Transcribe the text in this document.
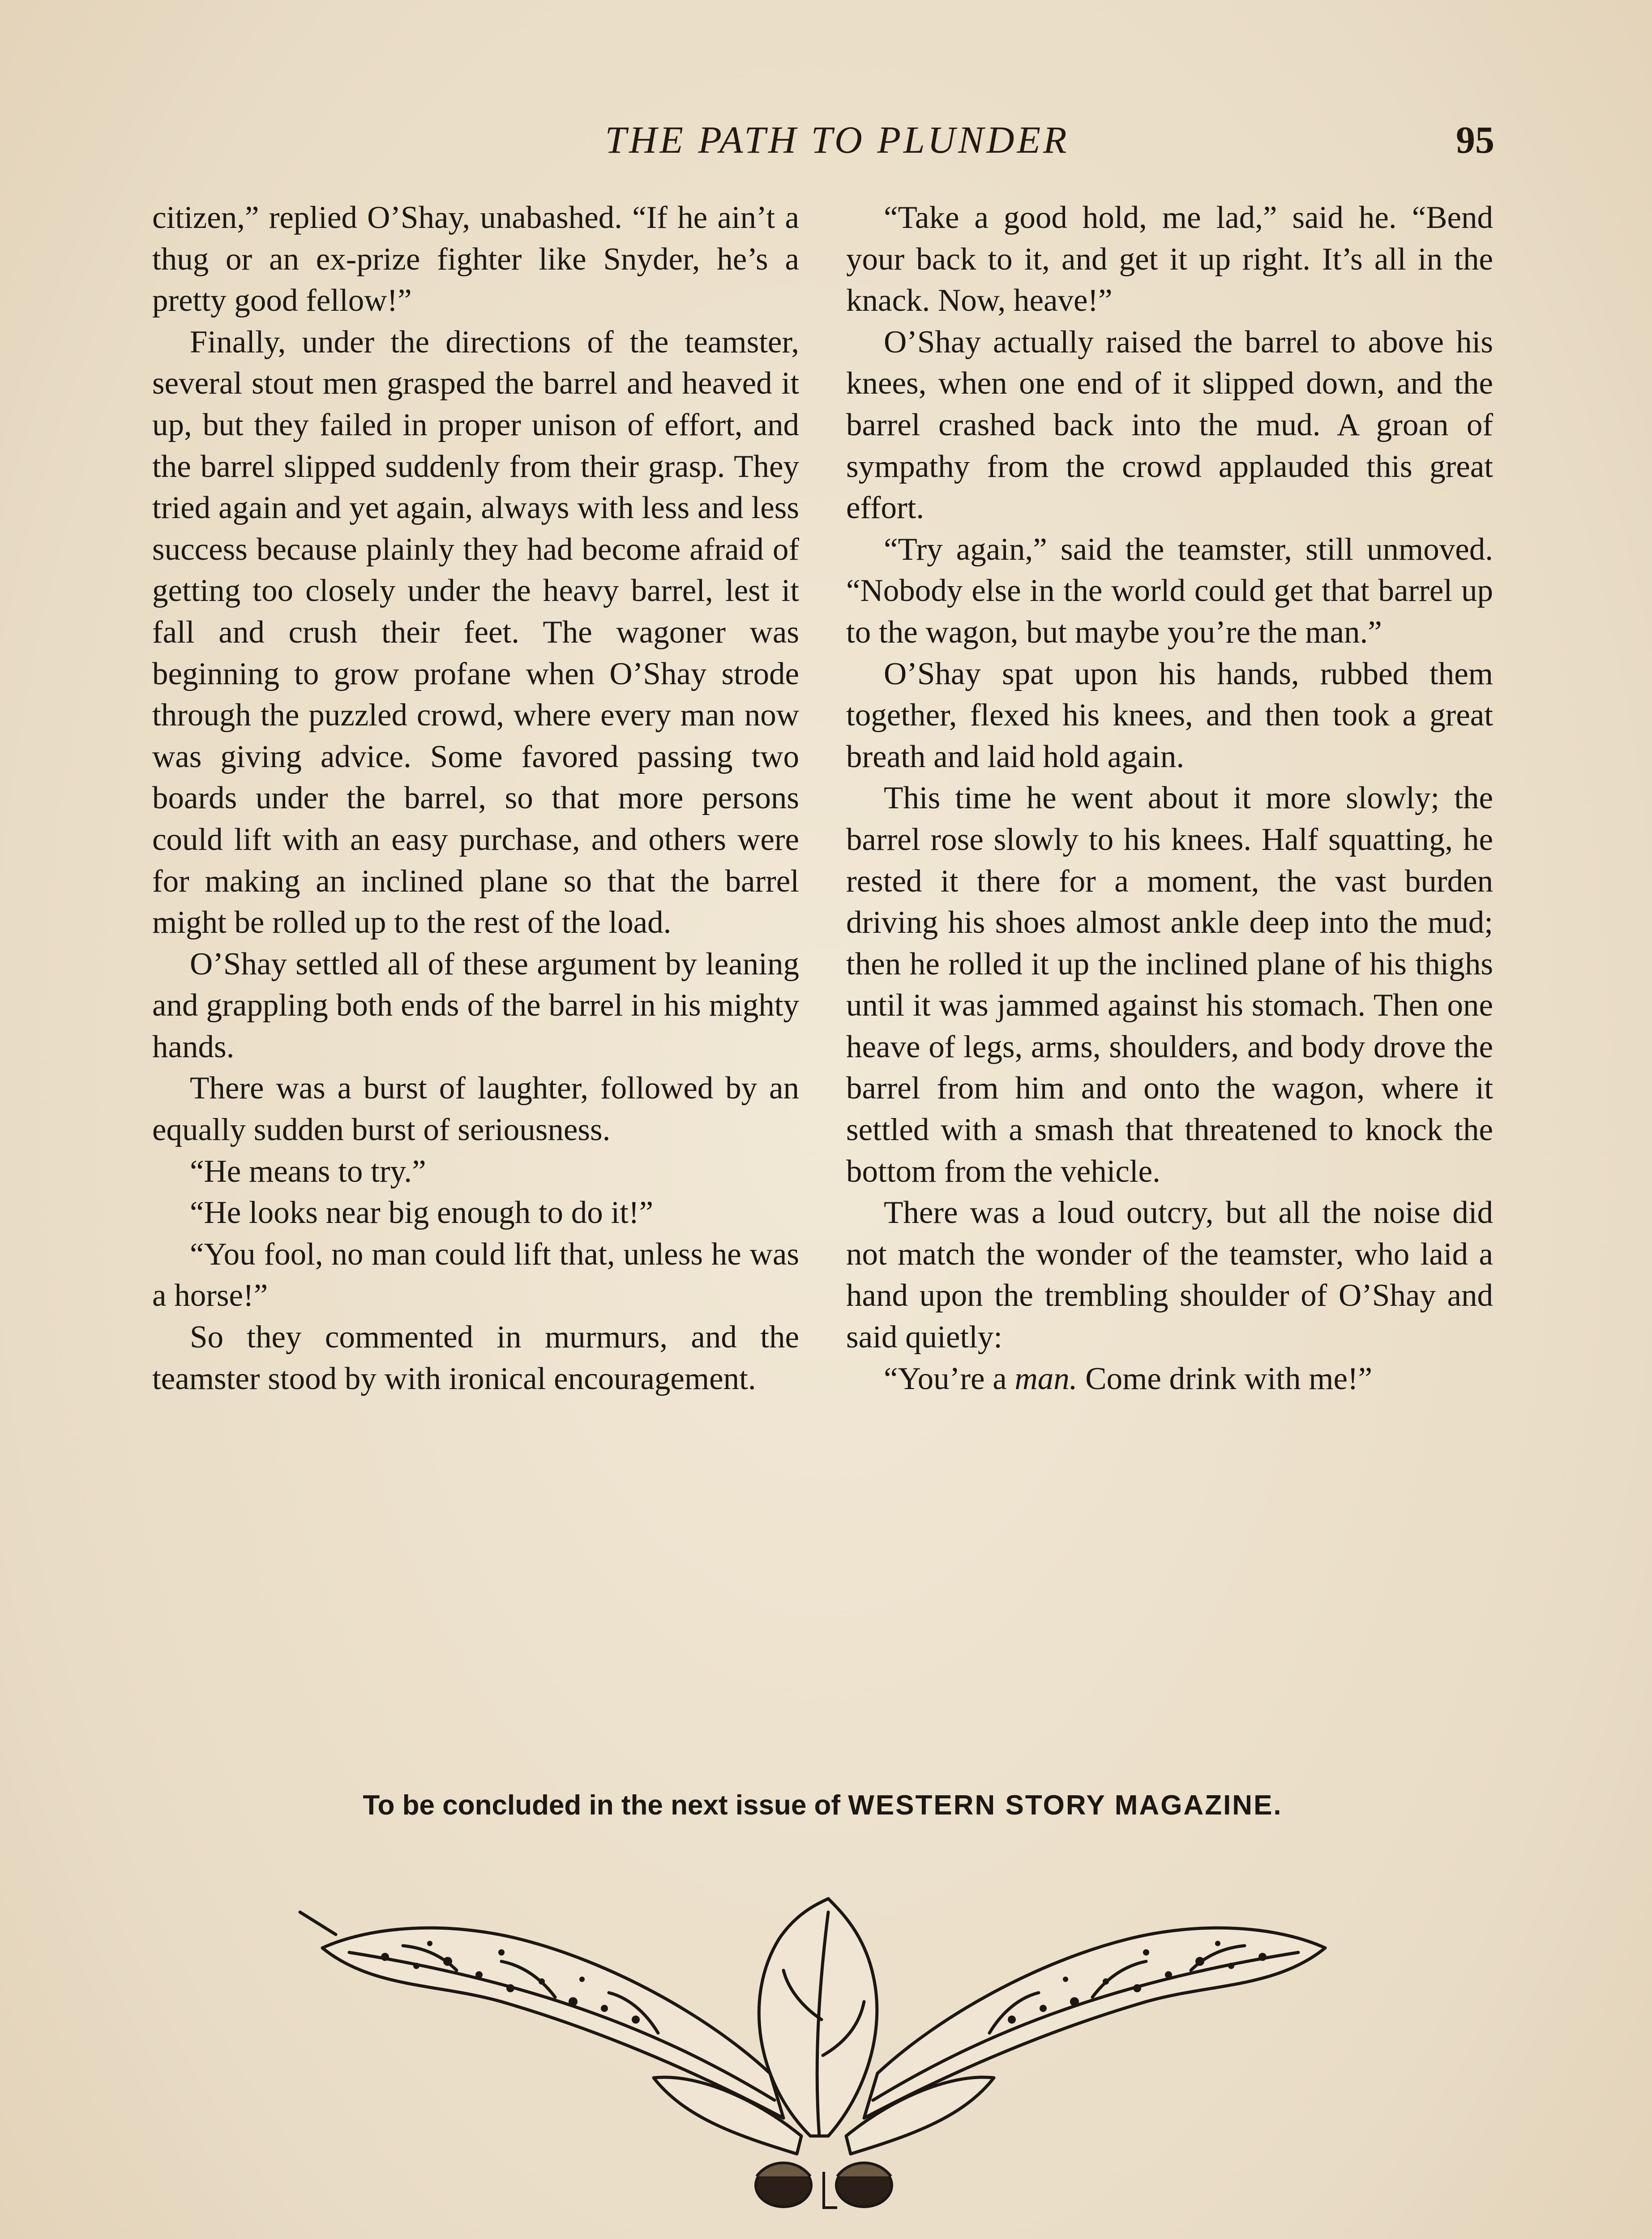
THE PATH TO PLUNDER	95

citizen,” replied O’Shay, unabashed. “If he ain’t a thug or an ex-prize fighter like Snyder, he’s a pretty good fellow!”

Finally, under the directions of the teamster, several stout men grasped the barrel and heaved it up, but they failed in proper unison of effort, and the barrel slipped suddenly from their grasp. They tried again and yet again, always with less and less success because plainly they had become afraid of getting too closely under the heavy barrel, lest it fall and crush their feet. The wagoner was beginning to grow profane when O’Shay strode through the puzzled crowd, where every man now was giving advice. Some favored passing two boards under the barrel, so that more persons could lift with an easy purchase, and others were for making an inclined plane so that the barrel might be rolled up to the rest of the load.

O’Shay settled all of these argument by leaning and grappling both ends of the barrel in his mighty hands.

There was a burst of laughter, followed by an equally sudden burst of seriousness.

“He means to try.”

“He looks near big enough to do it!”

“You fool, no man could lift that, unless he was a horse!”

So they commented in murmurs, and the teamster stood by with ironical encouragement.

“Take a good hold, me lad,” said he. “Bend your back to it, and get it up right. It’s all in the knack. Now, heave!”

O’Shay actually raised the barrel to above his knees, when one end of it slipped down, and the barrel crashed back into the mud. A groan of sympathy from the crowd applauded this great effort.

“Try again,” said the teamster, still unmoved. “Nobody else in the world could get that barrel up to the wagon, but maybe you’re the man.”

O’Shay spat upon his hands, rubbed them together, flexed his knees, and then took a great breath and laid hold again.

This time he went about it more slowly; the barrel rose slowly to his knees. Half squatting, he rested it there for a moment, the vast burden driving his shoes almost ankle deep into the mud; then he rolled it up the inclined plane of his thighs until it was jammed against his stomach. Then one heave of legs, arms, shoulders, and body drove the barrel from him and onto the wagon, where it settled with a smash that threatened to knock the bottom from the vehicle.

There was a loud outcry, but all the noise did not match the wonder of the teamster, who laid a hand upon the trembling shoulder of O’Shay and said quietly:

“You’re a man. Come drink with me!”

To be concluded in the next issue of WESTERN STORY MAGAZINE.
